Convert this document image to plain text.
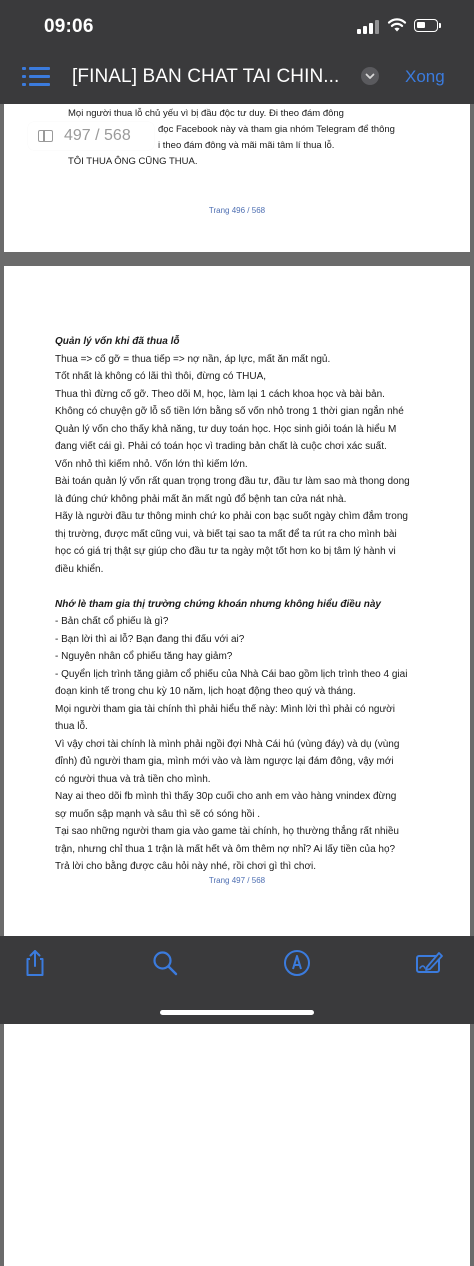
09:06
[FINAL] BAN CHAT TAI CHIN...	Xong
497 / 568
Mọi người thua lỗ chủ yếu vì bị đầu độc tư duy. Đi theo đám đông
đọc Facebook này và tham gia nhóm Telegram để thông
i theo đám đông và mãi mãi tâm lí thua lỗ.
TÔI THUA ÔNG CŨNG THUA.
Trang 496 / 568
Quản lý vốn khi đã thua lỗ
Thua => cố gỡ = thua tiếp => nợ nần, áp lực, mất ăn mất ngủ.
Tốt nhất là không có lãi thì thôi, đừng có THUA,
Thua thì đừng cố gỡ. Theo dõi M, học, làm lại 1 cách khoa học và bài bản.
Không có chuyện gỡ lỗ số tiền lớn bằng số vốn nhỏ trong 1 thời gian ngắn nhé
Quản lý vốn cho thấy khả năng, tư duy toán học. Học sinh giỏi toán là hiểu M
đang viết cái gì. Phải có toán học vì trading bản chất là cuộc chơi xác suất.
Vốn nhỏ thì kiếm nhỏ. Vốn lớn thì kiếm lớn.
Bài toán quản lý vốn rất quan trọng trong đầu tư, đầu tư làm sao mà thong dong
là đúng chứ không phải mất ăn mất ngủ đổ bệnh tan cửa nát nhà.
Hãy là người đầu tư thông minh chứ ko phải con bạc suốt ngày chìm đắm trong
thị trường, được mất cũng vui, và biết tại sao ta mất để ta rút ra cho mình bài
học có giá trị thật sự giúp cho đầu tư ta ngày một tốt hơn ko bị tâm lý hành vi
điều khiển.
Nhớ lè tham gia thị trường chứng khoán nhưng không hiểu điều này
- Bản chất cổ phiếu là gì?
- Bạn lời thì ai lỗ? Bạn đang thi đấu với ai?
- Nguyên nhân cổ phiếu tăng hay giảm?
- Quyển lịch trình tăng giảm cổ phiếu của Nhà Cái bao gồm lịch trình theo 4 giai
đoạn kinh tế trong chu kỳ 10 năm, lịch hoạt động theo quý và tháng.
Mọi người tham gia tài chính thì phải hiểu thế này: Mình lời thì phải có người
thua lỗ.
Vì vậy chơi tài chính là mình phải ngồi đợi Nhà Cái hú (vùng đáy) và dụ (vùng
đỉnh) đủ người tham gia, mình mới vào và làm ngược lại đám đông, vậy mới
có người thua và trả tiền cho mình.
Nay ai theo dõi fb mình thì thấy 30p cuối cho anh em vào hàng vnindex đừng
sợ muốn sập mạnh và sâu thì sẽ có sóng hồi .
Tại sao những người tham gia vào game tài chính, họ thường thắng rất nhiều
trận, nhưng chỉ thua 1 trận là mất hết và ôm thêm nợ nhỉ? Ai lấy tiền của họ?
Trả lời cho bằng được câu hỏi này nhé, rồi chơi gì thì chơi.
Trang 497 / 568
